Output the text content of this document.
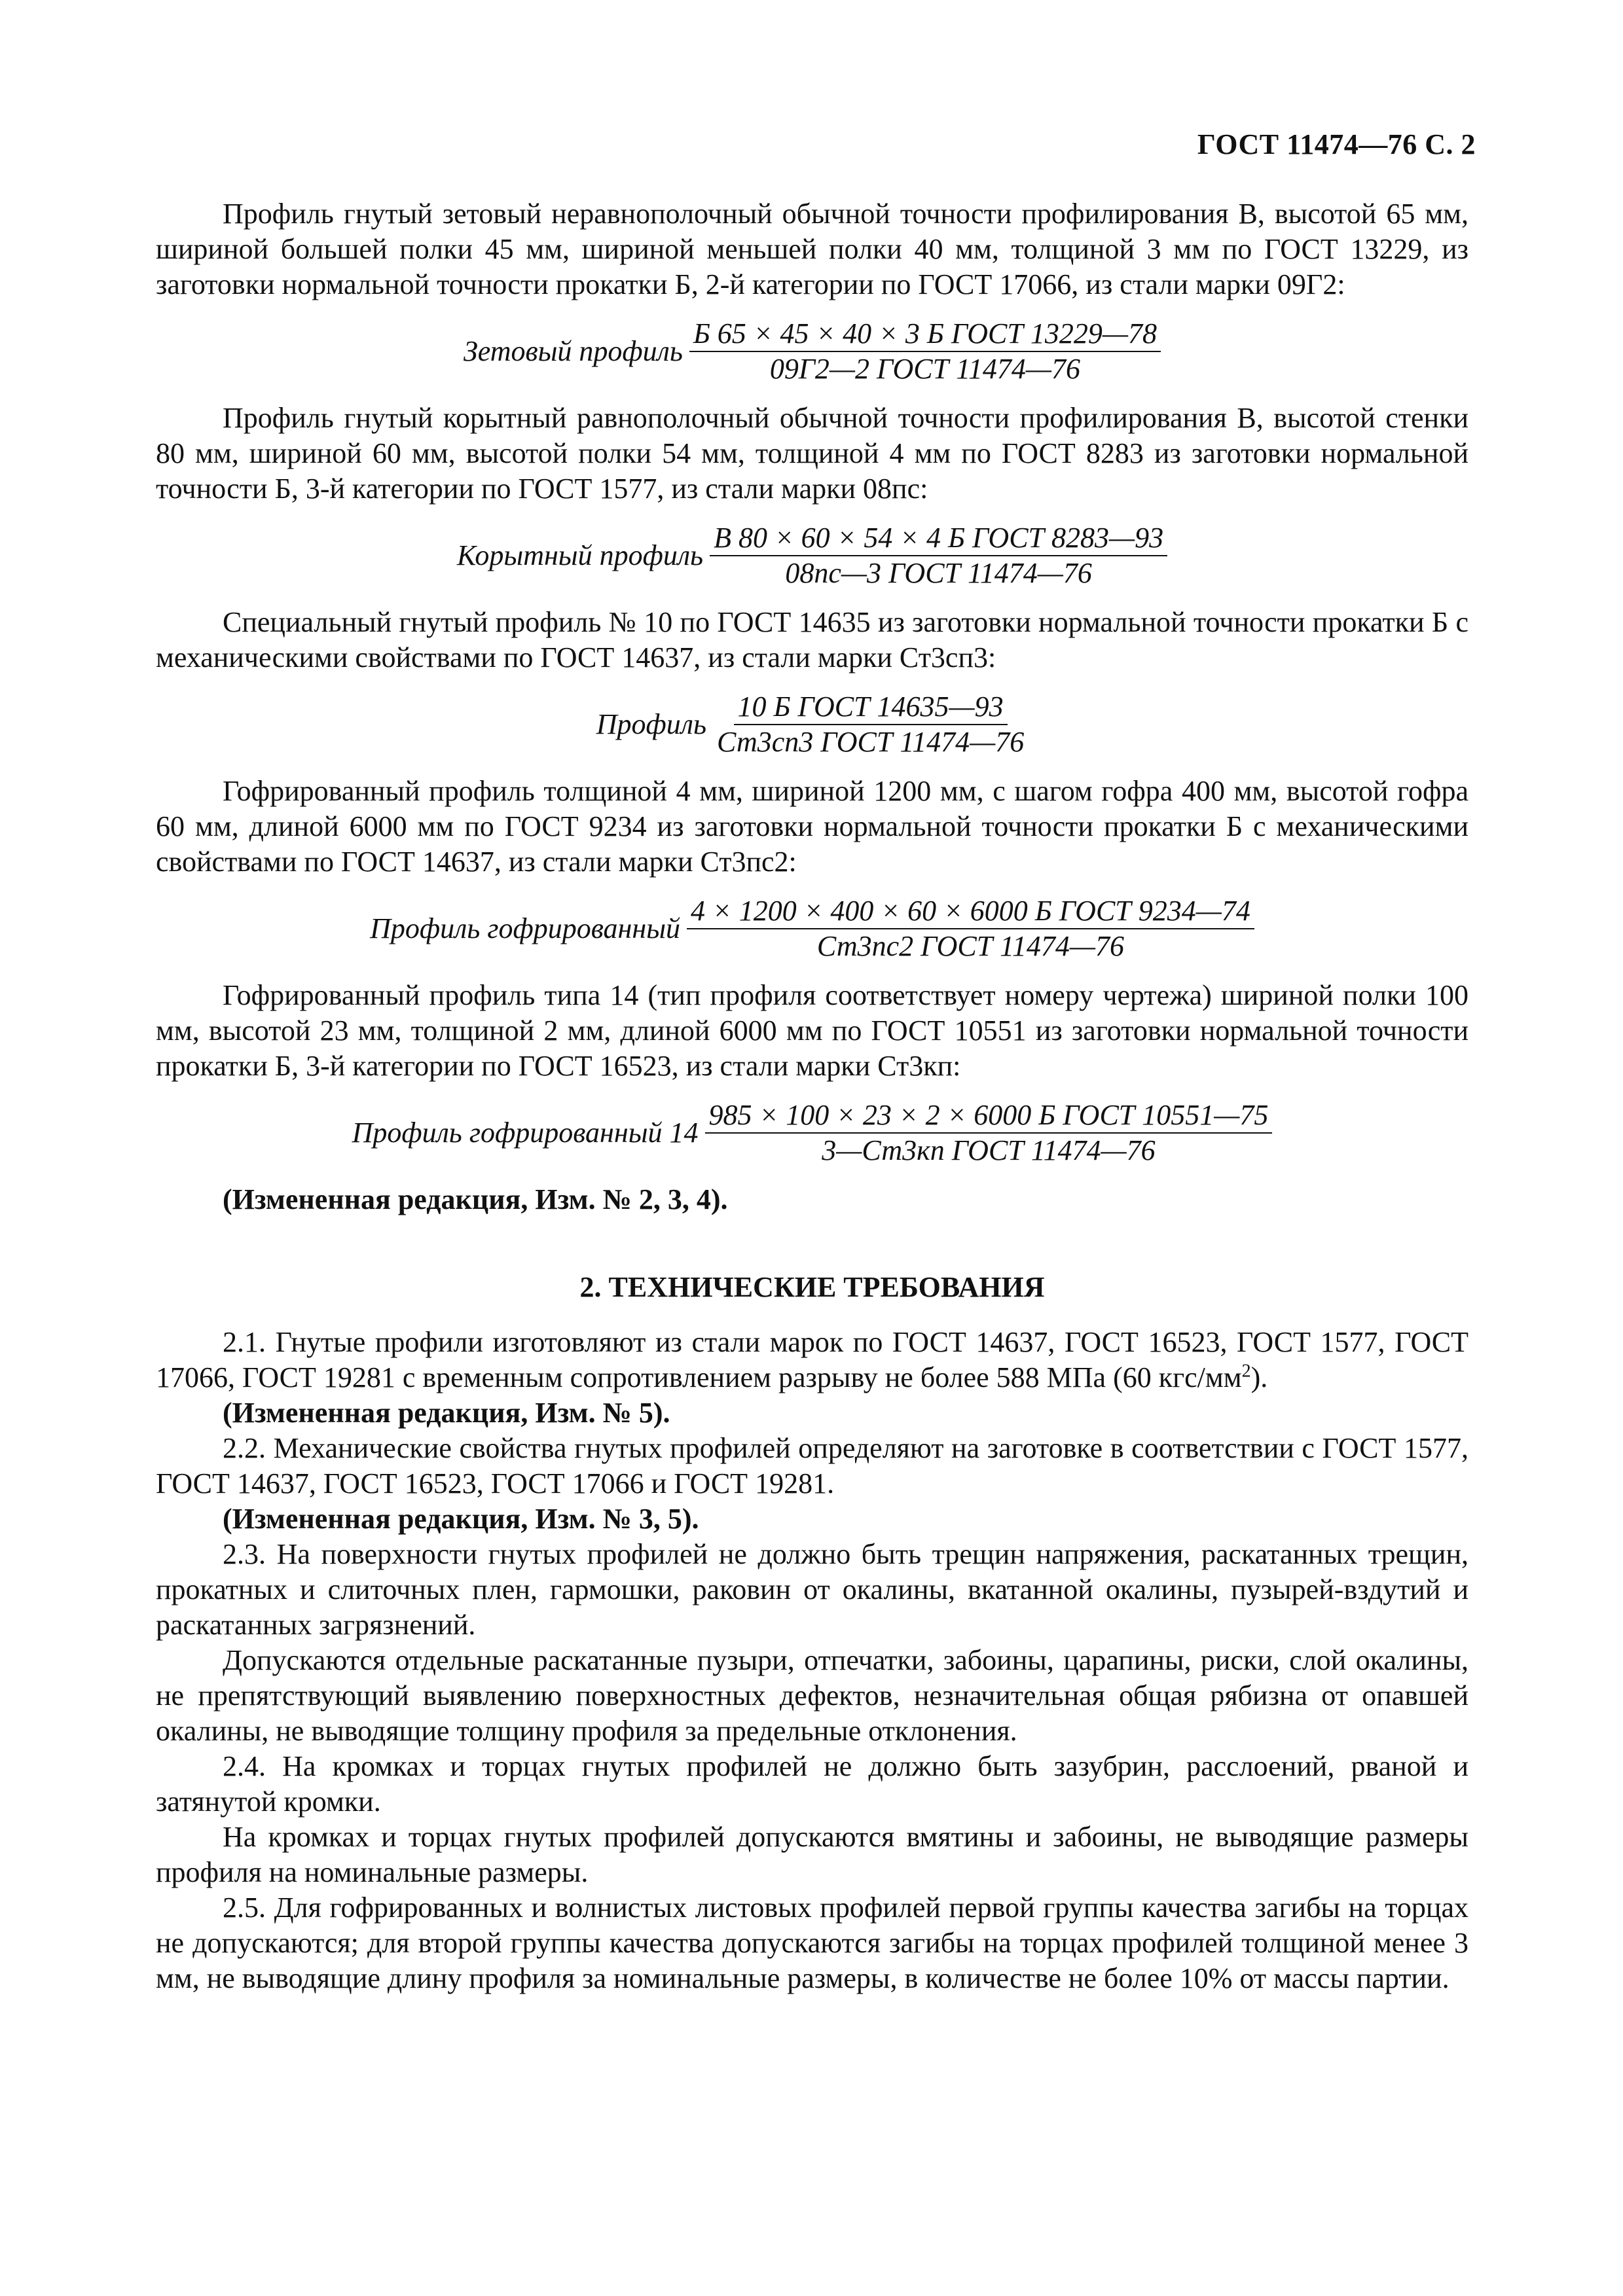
ГОСТ 11474—76 С. 2

Профиль гнутый зетовый неравнополочный обычной точности профилирования В, высотой 65 мм, шириной большей полки 45 мм, шириной меньшей полки 40 мм, толщиной 3 мм по ГОСТ 13229, из заготовки нормальной точности прокатки Б, 2-й категории по ГОСТ 17066, из стали марки 09Г2:

Зетовый профиль $\frac{\text{Б 65 × 45 × 40 × 3 Б ГОСТ 13229—78}}{\text{09Г2—2 ГОСТ 11474—76}}$

Профиль гнутый корытный равнополочный обычной точности профилирования В, высотой стенки 80 мм, шириной 60 мм, высотой полки 54 мм, толщиной 4 мм по ГОСТ 8283 из заготовки нормальной точности Б, 3-й категории по ГОСТ 1577, из стали марки 08пс:

Корытный профиль $\frac{\text{В 80 × 60 × 54 × 4 Б ГОСТ 8283—93}}{\text{08пс—3 ГОСТ 11474—76}}$

Специальный гнутый профиль № 10 по ГОСТ 14635 из заготовки нормальной точности прокатки Б с механическими свойствами по ГОСТ 14637, из стали марки Ст3сп3:

Профиль $\frac{\text{10 Б ГОСТ 14635—93}}{\text{Ст3сп3 ГОСТ 11474—76}}$

Гофрированный профиль толщиной 4 мм, шириной 1200 мм, с шагом гофра 400 мм, высотой гофра 60 мм, длиной 6000 мм по ГОСТ 9234 из заготовки нормальной точности прокатки Б с механическими свойствами по ГОСТ 14637, из стали марки Ст3пс2:

Профиль гофрированный $\frac{\text{4 × 1200 × 400 × 60 × 6000 Б ГОСТ 9234—74}}{\text{Ст3пс2 ГОСТ 11474—76}}$

Гофрированный профиль типа 14 (тип профиля соответствует номеру чертежа) шириной полки 100 мм, высотой 23 мм, толщиной 2 мм, длиной 6000 мм по ГОСТ 10551 из заготовки нормальной точности прокатки Б, 3-й категории по ГОСТ 16523, из стали марки Ст3кп:

Профиль гофрированный $14 \frac{\text{985 × 100 × 23 × 2 × 6000 Б ГОСТ 10551—75}}{\text{3—Ст3кп ГОСТ 11474—76}}$

(Измененная редакция, Изм. № 2, 3, 4).

2. ТЕХНИЧЕСКИЕ ТРЕБОВАНИЯ

2.1. Гнутые профили изготовляют из стали марок по ГОСТ 14637, ГОСТ 16523, ГОСТ 1577, ГОСТ 17066, ГОСТ 19281 с временным сопротивлением разрыву не более 588 МПа (60 кгс/$мм^2$).

(Измененная редакция, Изм. № 5).

2.2. Механические свойства гнутых профилей определяют на заготовке в соответствии с ГОСТ 1577, ГОСТ 14637, ГОСТ 16523, ГОСТ 17066 и ГОСТ 19281.

(Измененная редакция, Изм. № 3, 5).

2.3. На поверхности гнутых профилей не должно быть трещин напряжения, раскатанных трещин, прокатных и слиточных плен, гармошки, раковин от окалины, вкатанной окалины, пузырей-вздутий и раскатанных загрязнений.

Допускаются отдельные раскатанные пузыри, отпечатки, забоины, царапины, риски, слой окалины, не препятствующий выявлению поверхностных дефектов, незначительная общая рябизна от опавшей окалины, не выводящие толщину профиля за предельные отклонения.

2.4. На кромках и торцах гнутых профилей не должно быть зазубрин, расслоений, рваной и затянутой кромки.

На кромках и торцах гнутых профилей допускаются вмятины и забоины, не выводящие размеры профиля на номинальные размеры.

2.5. Для гофрированных и волнистых листовых профилей первой группы качества загибы на торцах не допускаются; для второй группы качества допускаются загибы на торцах профилей толщиной менее 3 мм, не выводящие длину профиля за номинальные размеры, в количестве не более 10% от массы партии.
